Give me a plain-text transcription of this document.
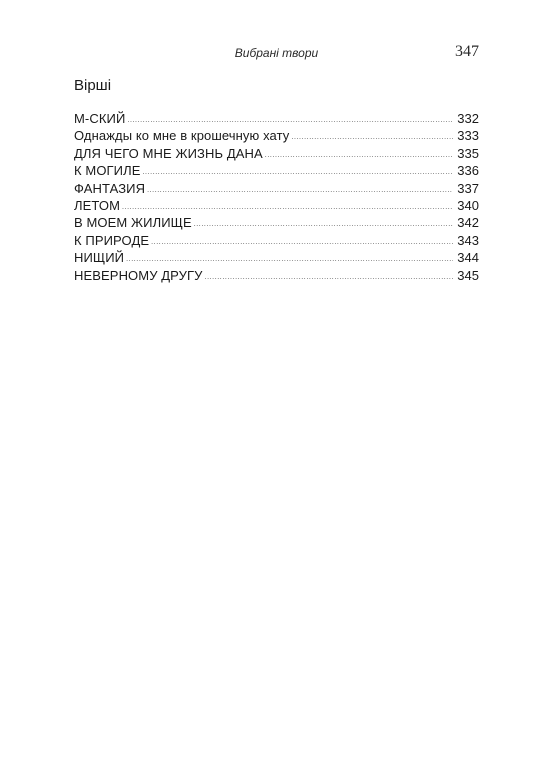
Вибрані твори	347
Вірші
М-СКИЙ .....	332
Однажды ко мне в крошечную хату .....	333
ДЛЯ ЧЕГО МНЕ ЖИЗНЬ ДАНА .....	335
К МОГИЛЕ .....	336
ФАНТАЗИЯ .....	337
ЛЕТОМ .....	340
В МОЕМ ЖИЛИЩЕ .....	342
К ПРИРОДЕ .....	343
НИЩИЙ .....	344
НЕВЕРНОМУ ДРУГУ .....	345
